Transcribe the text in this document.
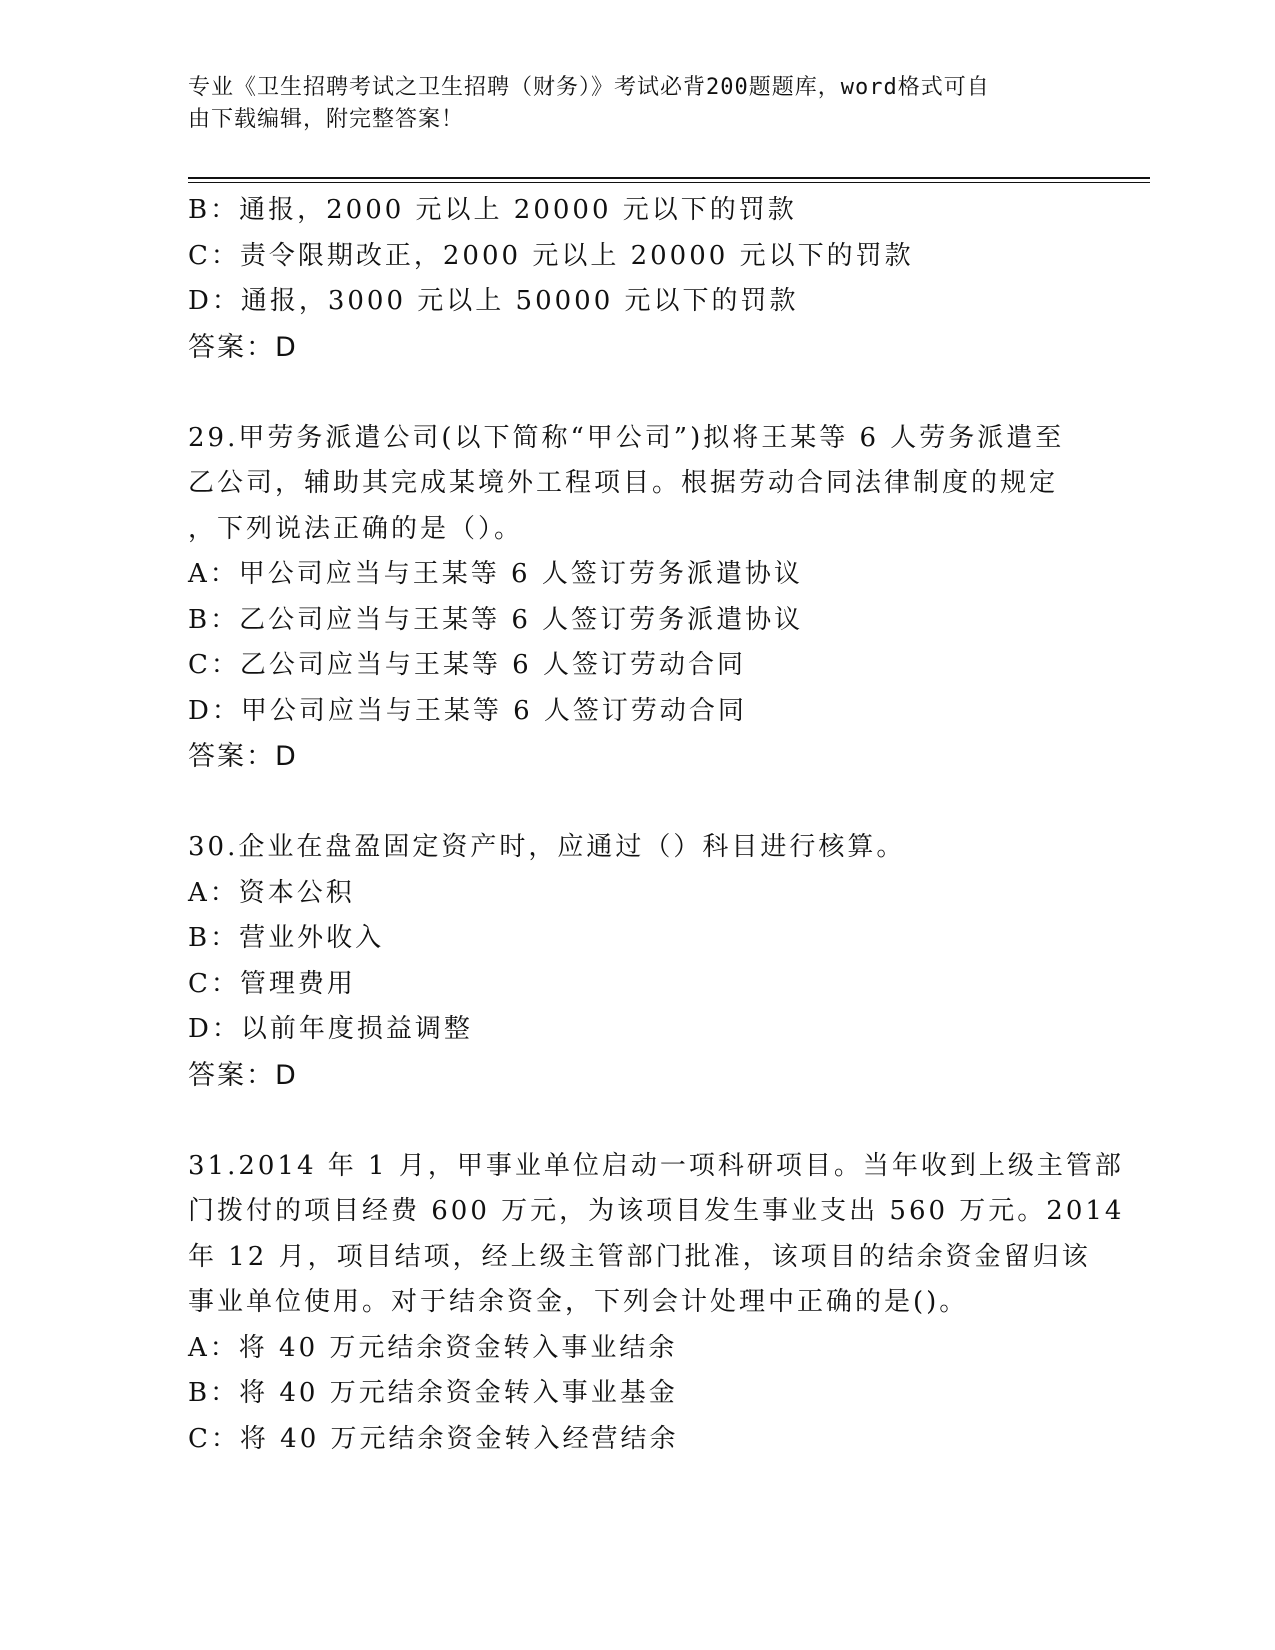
专业《卫生招聘考试之卫生招聘（财务）》考试必背200题题库，word格式可自
由下载编辑，附完整答案！
B：通报，2000 元以上 20000 元以下的罚款
C：责令限期改正，2000 元以上 20000 元以下的罚款
D：通报，3000 元以上 50000 元以下的罚款
答案：D
29.甲劳务派遣公司(以下简称“甲公司”)拟将王某等 6 人劳务派遣至
乙公司，辅助其完成某境外工程项目。根据劳动合同法律制度的规定
，下列说法正确的是（）。
A：甲公司应当与王某等 6 人签订劳务派遣协议
B：乙公司应当与王某等 6 人签订劳务派遣协议
C：乙公司应当与王某等 6 人签订劳动合同
D：甲公司应当与王某等 6 人签订劳动合同
答案：D
30.企业在盘盈固定资产时，应通过（）科目进行核算。
A：资本公积
B：营业外收入
C：管理费用
D：以前年度损益调整
答案：D
31.2014 年 1 月，甲事业单位启动一项科研项目。当年收到上级主管部
门拨付的项目经费 600 万元，为该项目发生事业支出 560 万元。2014
年 12 月，项目结项，经上级主管部门批准，该项目的结余资金留归该
事业单位使用。对于结余资金，下列会计处理中正确的是()。
A：将 40 万元结余资金转入事业结余
B：将 40 万元结余资金转入事业基金
C：将 40 万元结余资金转入经营结余
